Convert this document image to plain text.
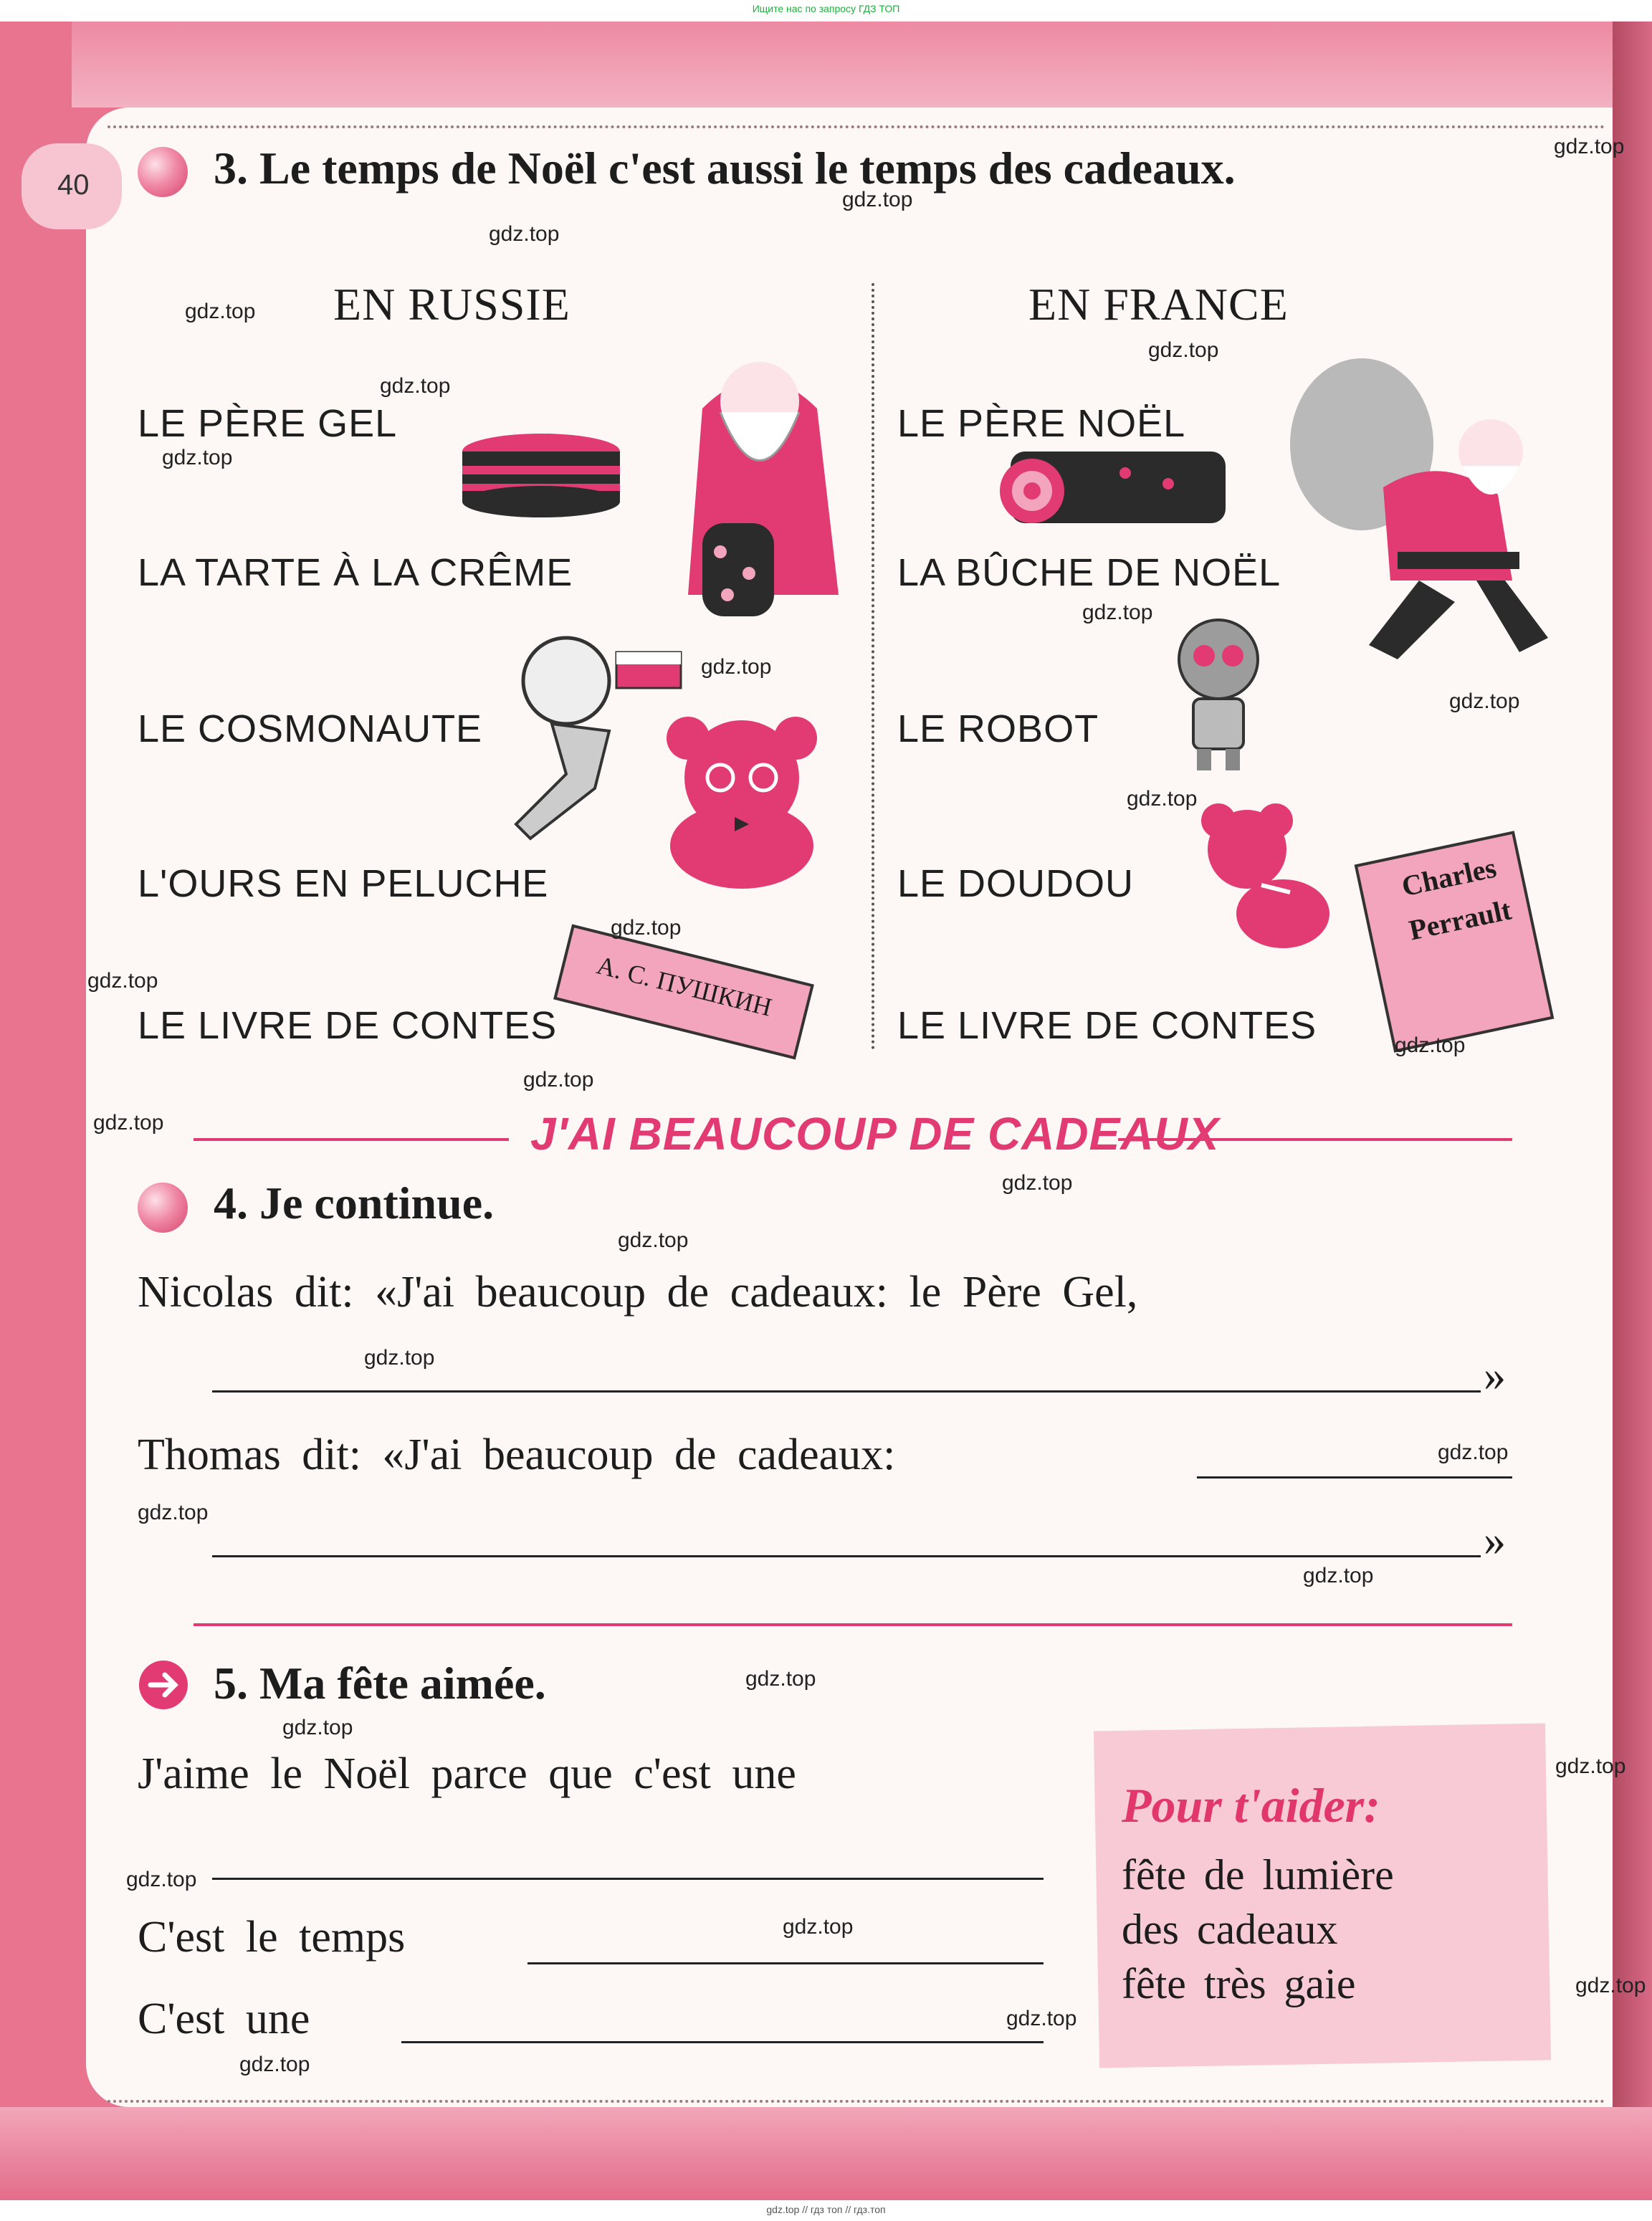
Ищите нас по запросу ГДЗ ТОП
40	3. Le temps de Noël c'est aussi le temps des cadeaux.
EN RUSSIE	EN FRANCE
LE PÈRE GEL
LA TARTE À LA CRÊME
LE COSMONAUTE
L'OURS EN PELUCHE
LE LIVRE DE CONTES
LE PÈRE NOËL
LA BÛCHE DE NOËL
LE ROBOT
LE DOUDOU
LE LIVRE DE CONTES
А. С. ПУШКИН
Charles
Perrault
J'AI BEAUCOUP DE CADEAUX
4. Je continue.
Nicolas dit: «J'ai beaucoup de cadeaux: le Père Gel,
»
Thomas dit: «J'ai beaucoup de cadeaux:
»
5. Ma fête aimée.
J'aime le Noël parce que c'est une
C'est le temps
C'est une
Pour t'aider:
fête de lumière
des cadeaux
fête très gaie
gdz.top
gdz.top
gdz.top
gdz.top
gdz.top
gdz.top
gdz.top
gdz.top
gdz.top
gdz.top
gdz.top
gdz.top
gdz.top
gdz.top
gdz.top
gdz.top
gdz.top
gdz.top
gdz.top
gdz.top
gdz.top
gdz.top
gdz.top
gdz.top
gdz.top
gdz.top
gdz.top
gdz.top
gdz.top
gdz.top
gdz.top // гдз топ // гдз.топ
